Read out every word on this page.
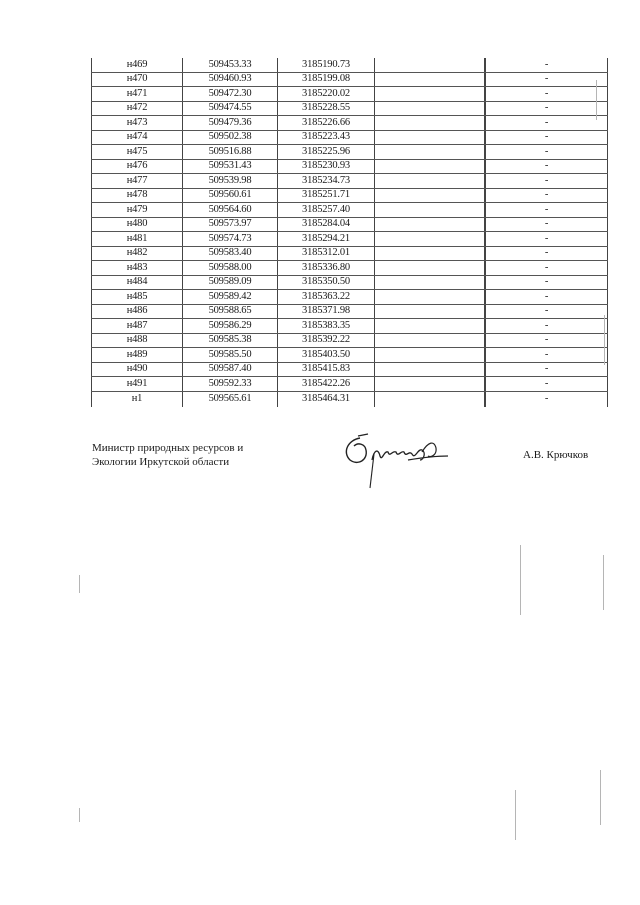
н469	509453.33	3185190.73			-
н470	509460.93	3185199.08			-
н471	509472.30	3185220.02			-
н472	509474.55	3185228.55			-
н473	509479.36	3185226.66			-
н474	509502.38	3185223.43			-
н475	509516.88	3185225.96			-
н476	509531.43	3185230.93			-
н477	509539.98	3185234.73			-
н478	509560.61	3185251.71			-
н479	509564.60	3185257.40			-
н480	509573.97	3185284.04			-
н481	509574.73	3185294.21			-
н482	509583.40	3185312.01			-
н483	509588.00	3185336.80			-
н484	509589.09	3185350.50			-
н485	509589.42	3185363.22			-
н486	509588.65	3185371.98			-
н487	509586.29	3185383.35			-
н488	509585.38	3185392.22			-
н489	509585.50	3185403.50			-
н490	509587.40	3185415.83			-
н491	509592.33	3185422.26			-
н1	509565.61	3185464.31			-
Министр природных ресурсов и
Экологии Иркутской области
А.В. Крючков
